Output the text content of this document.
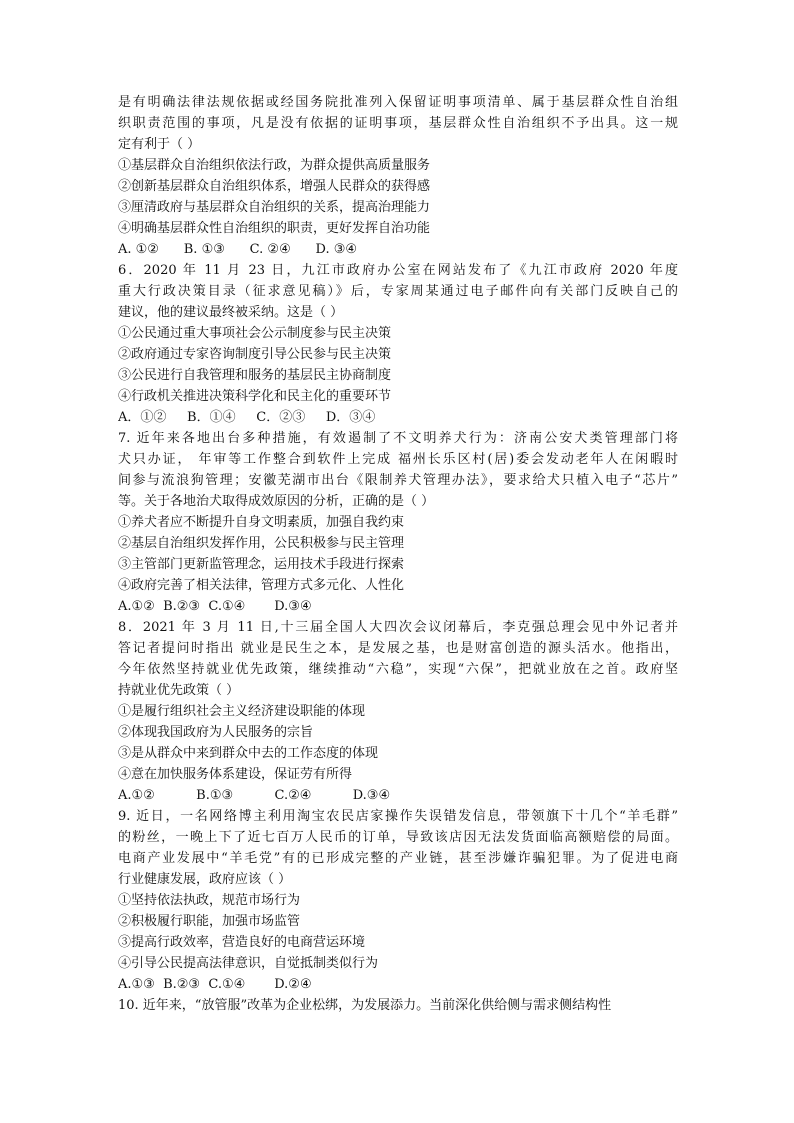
是有明确法律法规依据或经国务院批准列入保留证明事项清单、属于基层群众性自治组
织职责范围的事项，凡是没有依据的证明事项，基层群众性自治组织不予出具。这一规
定有利于（ ）
①基层群众自治组织依法行政，为群众提供高质量服务
②创新基层群众自治组织体系，增强人民群众的获得感
③厘清政府与基层群众自治组织的关系，提高治理能力
④明确基层群众性自治组织的职责，更好发挥自治功能
A. ①②      B. ①③      C. ②④      D. ③④
6．2020 年 11 月 23 日，九江市政府办公室在网站发布了《九江市政府 2020 年度
重大行政决策目录（征求意见稿）》后，专家周某通过电子邮件向有关部门反映自己的
建议，他的建议最终被采纳。这是（ ）
①公民通过重大事项社会公示制度参与民主决策
②政府通过专家咨询制度引导公民参与民主决策
③公民进行自我管理和服务的基层民主协商制度
④行政机关推进决策科学化和民主化的重要环节
A．①②     B．①④     C．②③     D．③④
7. 近年来各地出台多种措施，有效遏制了不文明养犬行为：济南公安犬类管理部门将
犬只办证， 年审等工作整合到软件上完成 福州长乐区村(居)委会发动老年人在闲暇时
间参与流浪狗管理；安徽芜湖市出台《限制养犬管理办法》，要求给犬只植入电子“芯片”
等。关于各地治犬取得成效原因的分析，正确的是（ ）
①养犬者应不断提升自身文明素质，加强自我约束
②基层自治组织发挥作用，公民积极参与民主管理
③主管部门更新监管理念，运用技术手段进行探索
④政府完善了相关法律，管理方式多元化、人性化
A.①②  B.②③  C.①④       D.③④
8．2021 年 3 月 11 日,十三届全国人大四次会议闭幕后，李克强总理会见中外记者并
答记者提问时指出 就业是民生之本，是发展之基，也是财富创造的源头活水。他指出，
今年依然坚持就业优先政策，继续推动“六稳”，实现“六保”，把就业放在之首。政府坚
持就业优先政策（ ）
①是履行组织社会主义经济建设职能的体现
②体现我国政府为人民服务的宗旨
③是从群众中来到群众中去的工作态度的体现
④意在加快服务体系建设，保证劳有所得
A.①②          B.①③          C.②④          D.③④
9. 近日，一名网络博主利用淘宝农民店家操作失误错发信息，带领旗下十几个“羊毛群”
的粉丝，一晚上下了近七百万人民币的订单，导致该店因无法发货面临高额赔偿的局面。
电商产业发展中“羊毛党”有的已形成完整的产业链，甚至涉嫌诈骗犯罪。为了促进电商
行业健康发展，政府应该（ ）
①坚持依法执政，规范市场行为
②积极履行职能，加强市场监管
③提高行政效率，营造良好的电商营运环境
④引导公民提高法律意识，自觉抵制类似行为
A.①③  B.②③  C.①④       D.②④
10. 近年来，“放管服”改革为企业松绑，为发展添力。当前深化供给侧与需求侧结构性
